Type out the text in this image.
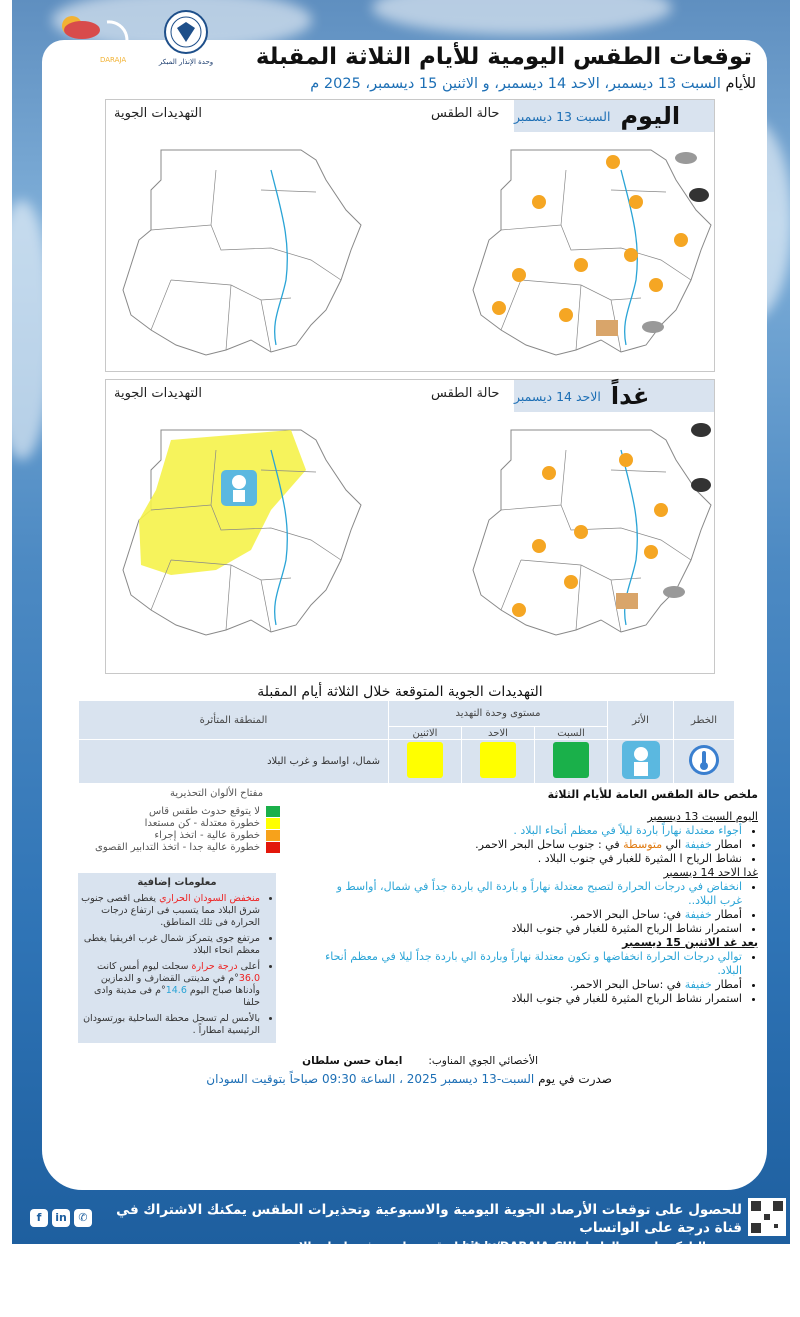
درجة
DARAJA
خدمة الأرصاد الجوية والإنذار المبكر للمجتمعات
وحدة الإنذار المبكر	توقعات الطقس اليومية للأيام الثلاثة المقبلة
للأيام السبت 13 ديسمبر، الاحد 14 ديسمبر، و الاثنين 15 ديسمبر، 2025 م
اليوم
السبت 13 ديسمبر
حالة الطقس
التهديدات الجوية
غداً
الاحد 14 ديسمبر
حالة الطقس
التهديدات الجوية
التهديدات الجوية المتوقعة خلال الثلاثة أيام المقبلة
الخطر	الأثر	مستوى وحدة التهديد			المنطقة المتأثرة
		السبت	الاحد	الاثنين	
					شمال، اواسط و غرب البلاد
ملخص حالة الطقس العامة للأيام الثلاثة
اليوم السبت 13 ديسمبر
• أجواء معتدلة نهاراً باردة ليلاً في معظم أنحاء البلاد .
• امطار خفيفة الي متوسطة في : جنوب ساحل البحر الاحمر.
• نشاط الرياح ا المثيرة للغبار في جنوب البلاد .
غدا الاحد 14 ديسمبر
• انخفاض في درجات الحرارة لتصبح معتدلة نهاراً و باردة الي باردة جداً في شمال، أواسط و غرب البلاد..
• أمطار خفيفة في: ساحل البحر الاحمر.
• استمرار نشاط الرياح المثيرة للغبار في جنوب البلاد
بعد غد الاثنين 15 ديسمبر
• توالي درجات الحرارة انخفاضها و تكون معتدلة نهاراً وباردة الي باردة جداً ليلا في معظم أنحاء البلاد.
• أمطار خفيفة في :ساحل البحر الاحمر.
• استمرار نشاط الرياح المثيرة للغبار في جنوب البلاد
مفتاح الألوان التحذيرية
لا يتوقع حدوث طقس قاس
خطورة معتدلة - كن مستعدا
خطورة عالية - اتخذ إجراء
خطورة عالية جدا - اتخذ التدابير القصوى
معلومات إضافية
• منخفض السودان الحراري يغطى اقصى جنوب شرق البلاد مما يتسبب فى ارتفاع درجات الحرارة فى تلك المناطق.
• مرتفع جوى يتمركز شمال غرب افريقيا يغطى معظم انحاء البلاد
• أعلى درجة حرارة سجلت ليوم أمس كانت 36.0°م في مدينتى القضارف و الدمازين وأدناها صباح اليوم 14.6°م فى مدينة وادى حلفا
• بالأمس لم تسجل محطة الساحلية بورتسودان الرئيسية امطاراً .
الأخصائي الجوي المناوب:ايمان حسن سلطان
صدرت في يوم السبت-13 ديسمبر 2025 ، الساعة 09:30 صباحاً بتوقيت السودان
للحصول على توقعات الأرصاد الجوية اليومية والاسبوعية وتحذيرات الطقس يمكنك الاشتراك في قناة درجة على الواتساب
بمسح الباركود او عبر الرابط bit.ly/DARAJA-CHL او قم بزيارة صفحتنا على الانترنت https://meteosudan.sd/products/خدمة-درجة
f	in	✆
